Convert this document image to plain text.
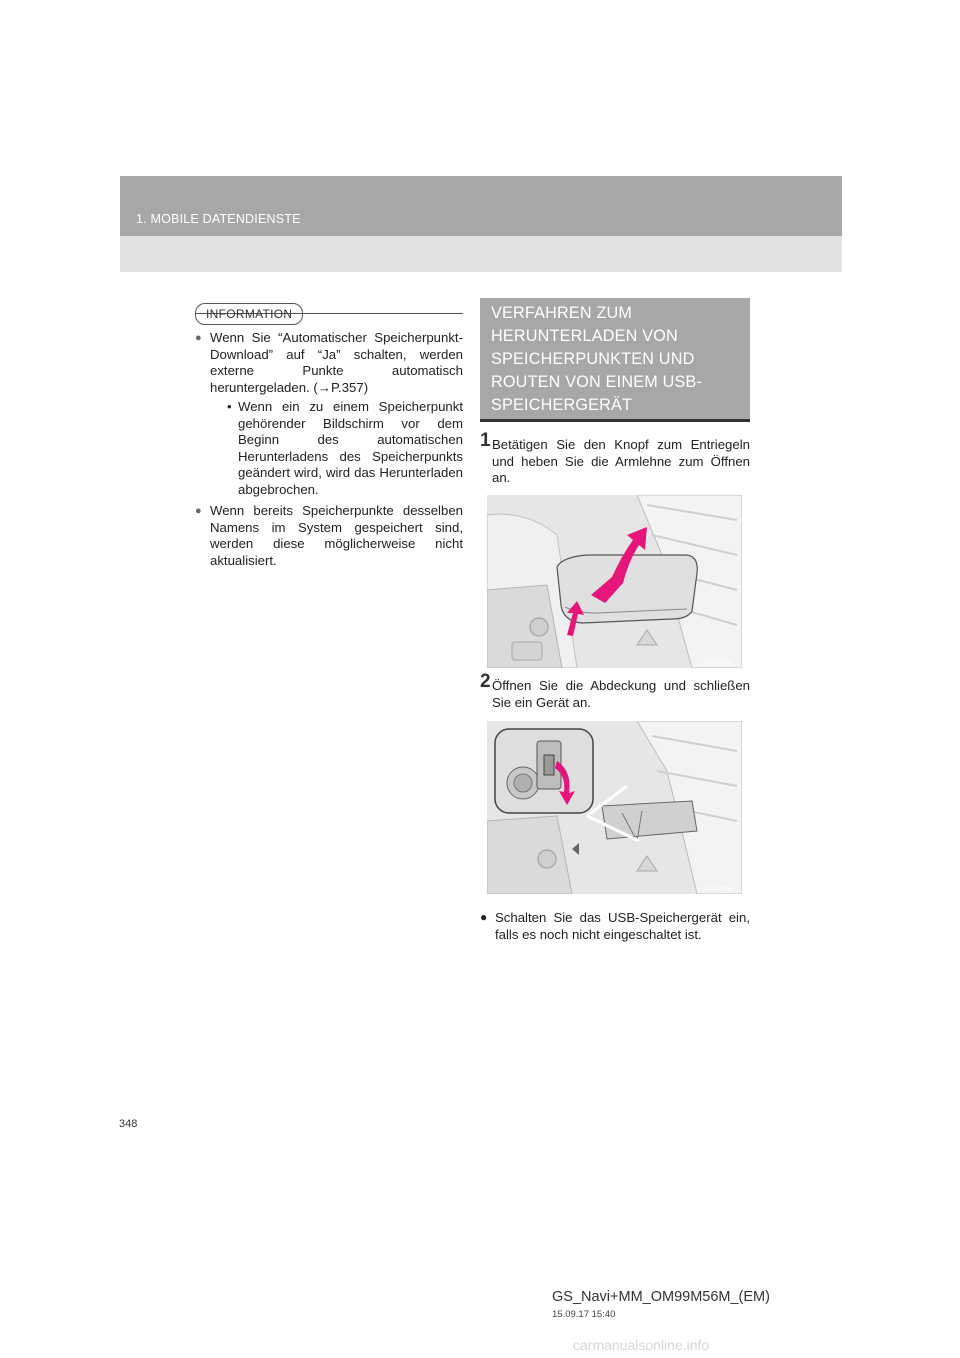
1. MOBILE DATENDIENSTE
INFORMATION
● Wenn Sie “Automatischer Speicherpunkt-Download” auf “Ja” schalten, werden externe Punkte automatisch heruntergeladen. (→P.357)
• Wenn ein zu einem Speicherpunkt gehörender Bildschirm vor dem Beginn des automatischen Herunterladens des Speicherpunkts geändert wird, wird das Herunterladen abgebrochen.
● Wenn bereits Speicherpunkte desselben Namens im System gespeichert sind, werden diese möglicherweise nicht aktualisiert.
VERFAHREN ZUM
HERUNTERLADEN VON
SPEICHERPUNKTEN UND
ROUTEN VON EINEM USB-
SPEICHERGERÄT
1 Betätigen Sie den Knopf zum Entriegeln und heben Sie die Armlehne zum Öffnen an.
GS187INa
2 Öffnen Sie die Abdeckung und schließen Sie ein Gerät an.
GS188INa
● Schalten Sie das USB-Speichergerät ein, falls es noch nicht eingeschaltet ist.
348
GS_Navi+MM_OM99M56M_(EM)
15.09.17 15:40
carmanualsonline.info
